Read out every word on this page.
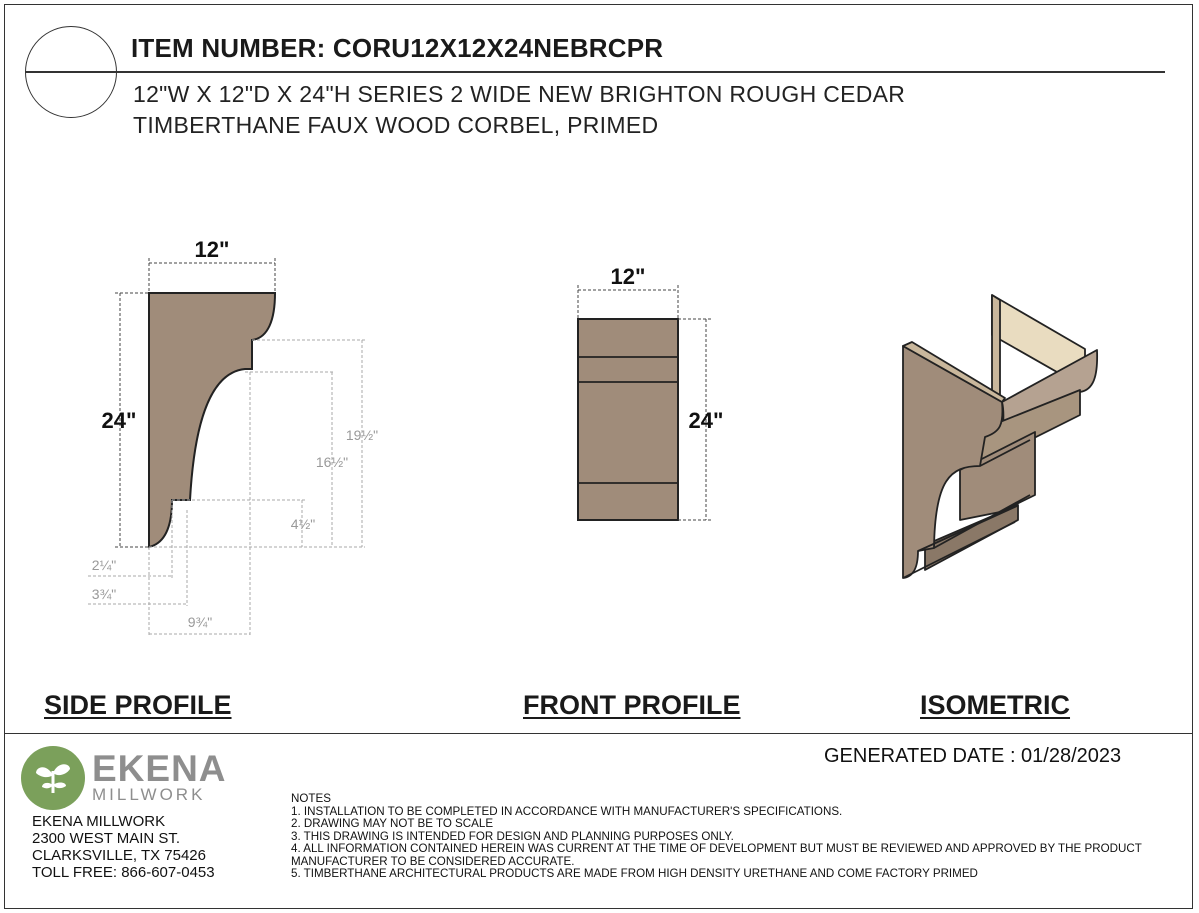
ITEM NUMBER: CORU12X12X24NEBRCPR
12"W X 12"D X 24"H SERIES 2 WIDE NEW BRIGHTON ROUGH CEDAR
TIMBERTHANE FAUX WOOD CORBEL, PRIMED
12"
24"
19½"
16½"
4½"
2¼"
3¾"
9¾"
12"
24"
SIDE PROFILE	FRONT PROFILE	ISOMETRIC
EKENA
MILLWORK
EKENA MILLWORK
2300 WEST MAIN ST.
CLARKSVILLE, TX 75426
TOLL FREE: 866-607-0453
GENERATED DATE : 01/28/2023
NOTES
1. INSTALLATION TO BE COMPLETED IN ACCORDANCE WITH MANUFACTURER'S SPECIFICATIONS.
2. DRAWING MAY NOT BE TO SCALE
3. THIS DRAWING IS INTENDED FOR DESIGN AND PLANNING PURPOSES ONLY.
4. ALL INFORMATION CONTAINED HEREIN WAS CURRENT AT THE TIME OF DEVELOPMENT BUT MUST BE REVIEWED AND APPROVED BY THE PRODUCT MANUFACTURER TO BE CONSIDERED ACCURATE.
5. TIMBERTHANE ARCHITECTURAL PRODUCTS ARE MADE FROM HIGH DENSITY URETHANE AND COME FACTORY PRIMED
